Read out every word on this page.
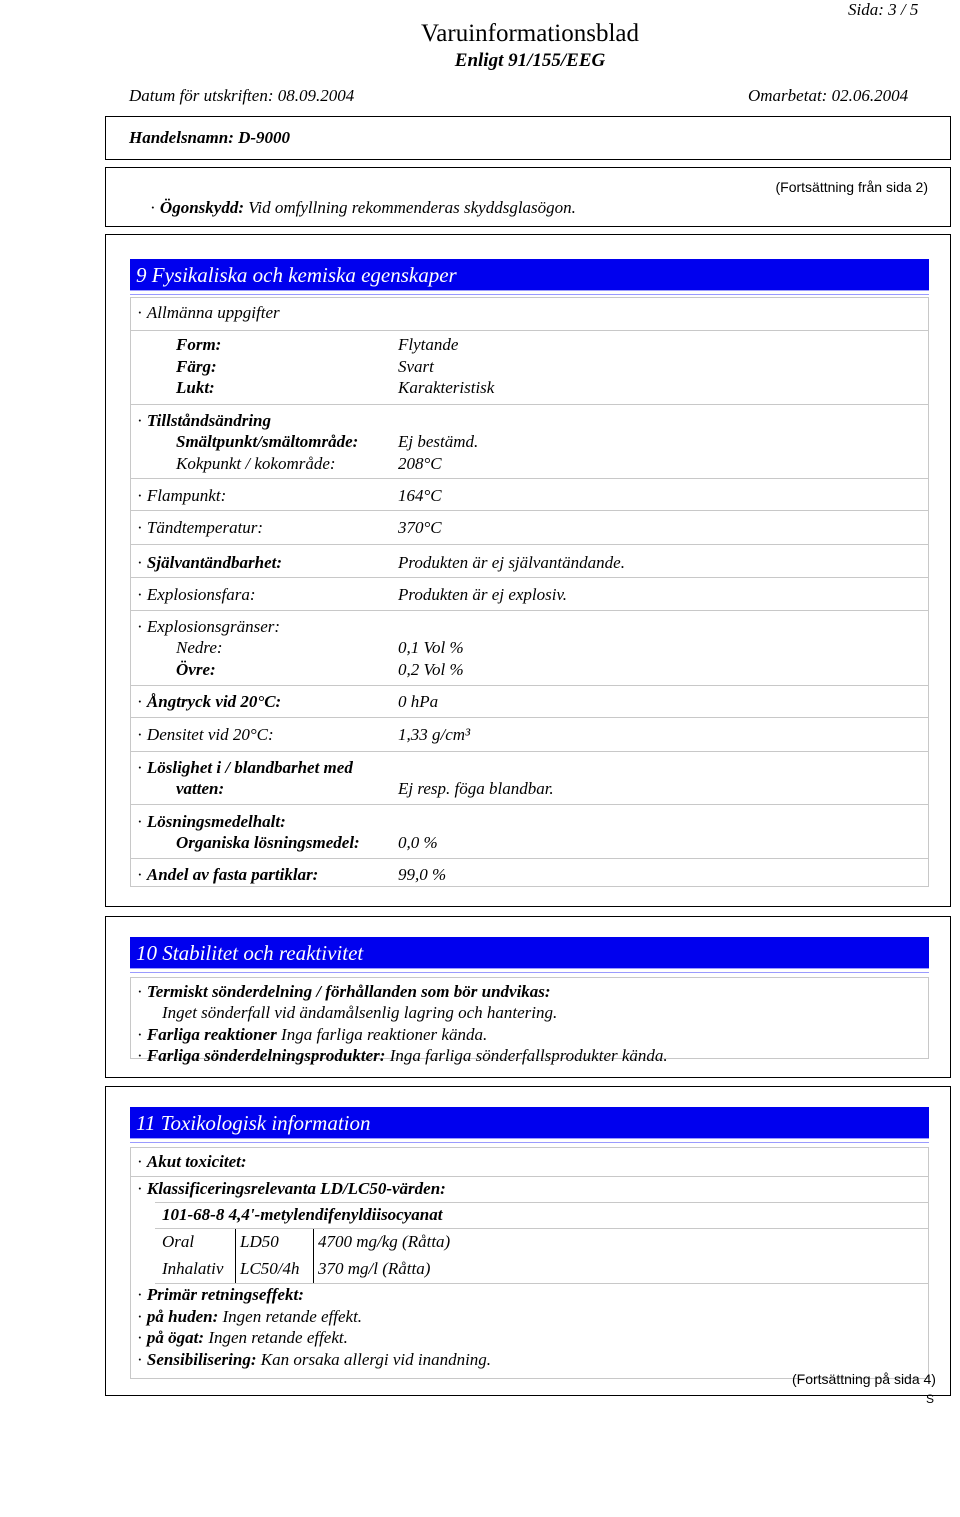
Sida: 3 / 5
Varuinformationsblad
Enligt 91/155/EEG
Datum för utskriften: 08.09.2004	Omarbetat: 02.06.2004
Handelsnamn: D-9000
(Fortsättning från sida 2)
· Ögonskydd: Vid omfyllning rekommenderas skyddsglasögon.
9 Fysikaliska och kemiska egenskaper
· Allmänna uppgifter
Form:	Flytande
Färg:	Svart
Lukt:	Karakteristisk
· Tillståndsändring
Smältpunkt/smältområde: Ej bestämd.
Kokpunkt / kokområde:	208°C
· Flampunkt:	164°C
· Tändtemperatur:	370°C
· Självantändbarhet:	Produkten är ej självantändande.
· Explosionsfara:	Produkten är ej explosiv.
· Explosionsgränser:
Nedre:	0,1 Vol %
Övre:	0,2 Vol %
· Ångtryck vid 20°C:	0 hPa
· Densitet vid 20°C:	1,33 g/cm³
· Löslighet i / blandbarhet med
vatten:	Ej resp. föga blandbar.
· Lösningsmedelhalt:
Organiska lösningsmedel: 0,0 %
· Andel av fasta partiklar:	99,0 %
10 Stabilitet och reaktivitet
· Termiskt sönderdelning / förhållanden som bör undvikas:
Inget sönderfall vid ändamålsenlig lagring och hantering.
· Farliga reaktioner Inga farliga reaktioner kända.
· Farliga sönderdelningsprodukter: Inga farliga sönderfallsprodukter kända.
11 Toxikologisk information
· Akut toxicitet:
· Klassificeringsrelevanta LD/LC50-värden:
101-68-8 4,4'-metylendifenyldiisocyanat
Oral	LD50 4700 mg/kg (Råtta)
Inhalativ LC50/4h 370 mg/l (Råtta)
· Primär retningseffekt:
· på huden: Ingen retande effekt.
· på ögat: Ingen retande effekt.
· Sensibilisering: Kan orsaka allergi vid inandning.
(Fortsättning på sida 4)
S
